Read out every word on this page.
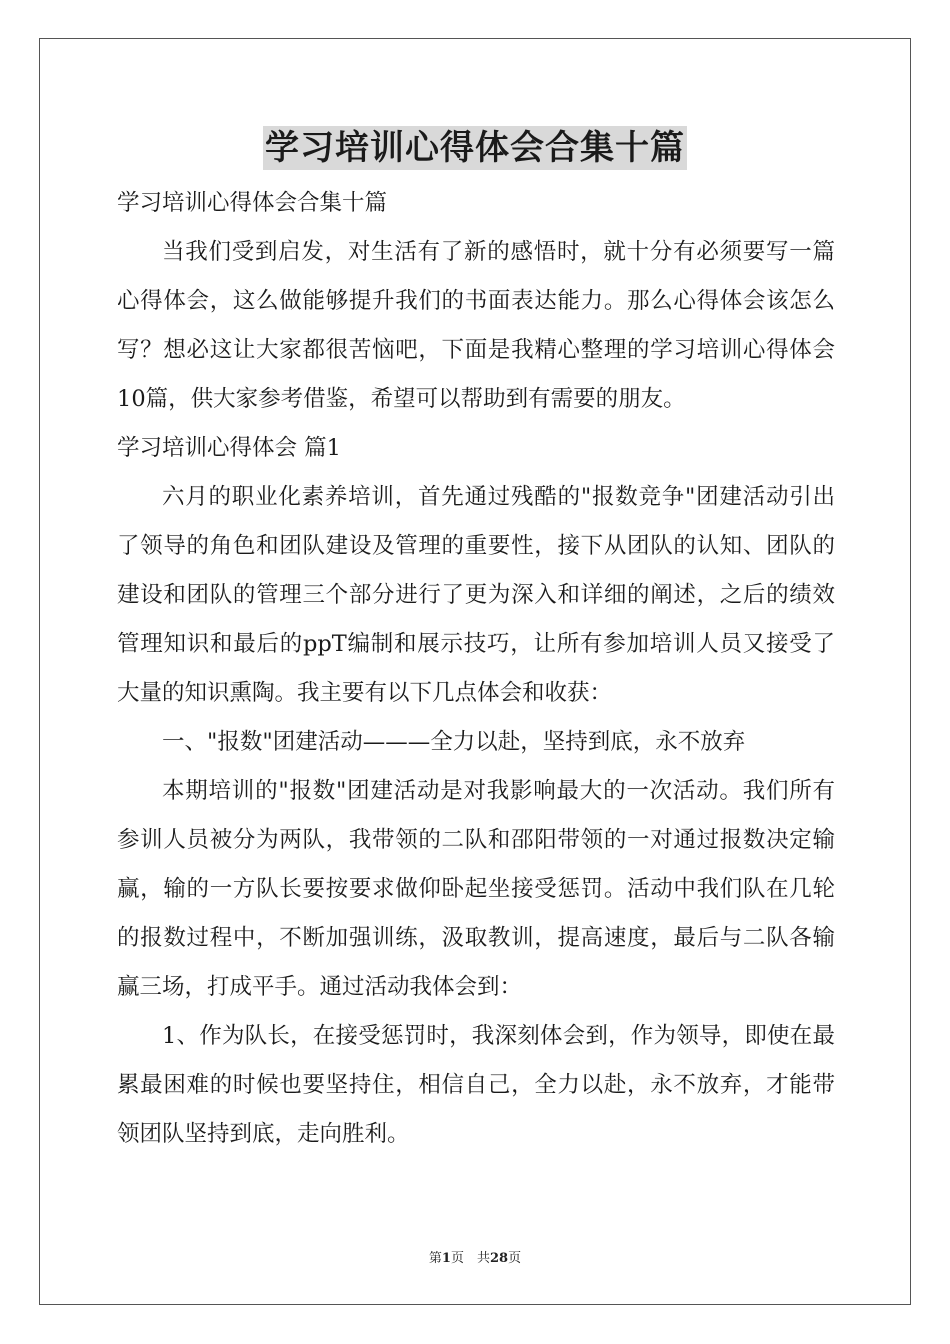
学习培训心得体会合集十篇
学习培训心得体会合集十篇

当我们受到启发，对生活有了新的感悟时，就十分有必须要写一篇心得体会，这么做能够提升我们的书面表达能力。那么心得体会该怎么写？想必这让大家都很苦恼吧，下面是我精心整理的学习培训心得体会10篇，供大家参考借鉴，希望可以帮助到有需要的朋友。

学习培训心得体会 篇1

六月的职业化素养培训，首先通过残酷的"报数竞争"团建活动引出了领导的角色和团队建设及管理的重要性，接下从团队的认知、团队的建设和团队的管理三个部分进行了更为深入和详细的阐述，之后的绩效管理知识和最后的ppT编制和展示技巧，让所有参加培训人员又接受了大量的知识熏陶。我主要有以下几点体会和收获：

一、"报数"团建活动———全力以赴，坚持到底，永不放弃

本期培训的"报数"团建活动是对我影响最大的一次活动。我们所有参训人员被分为两队，我带领的二队和邵阳带领的一对通过报数决定输赢，输的一方队长要按要求做仰卧起坐接受惩罚。活动中我们队在几轮的报数过程中，不断加强训练，汲取教训，提高速度，最后与二队各输赢三场，打成平手。通过活动我体会到：

1、作为队长，在接受惩罚时，我深刻体会到，作为领导，即使在最累最困难的时候也要坚持住，相信自己，全力以赴，永不放弃，才能带领团队坚持到底，走向胜利。

第1页　共28页
